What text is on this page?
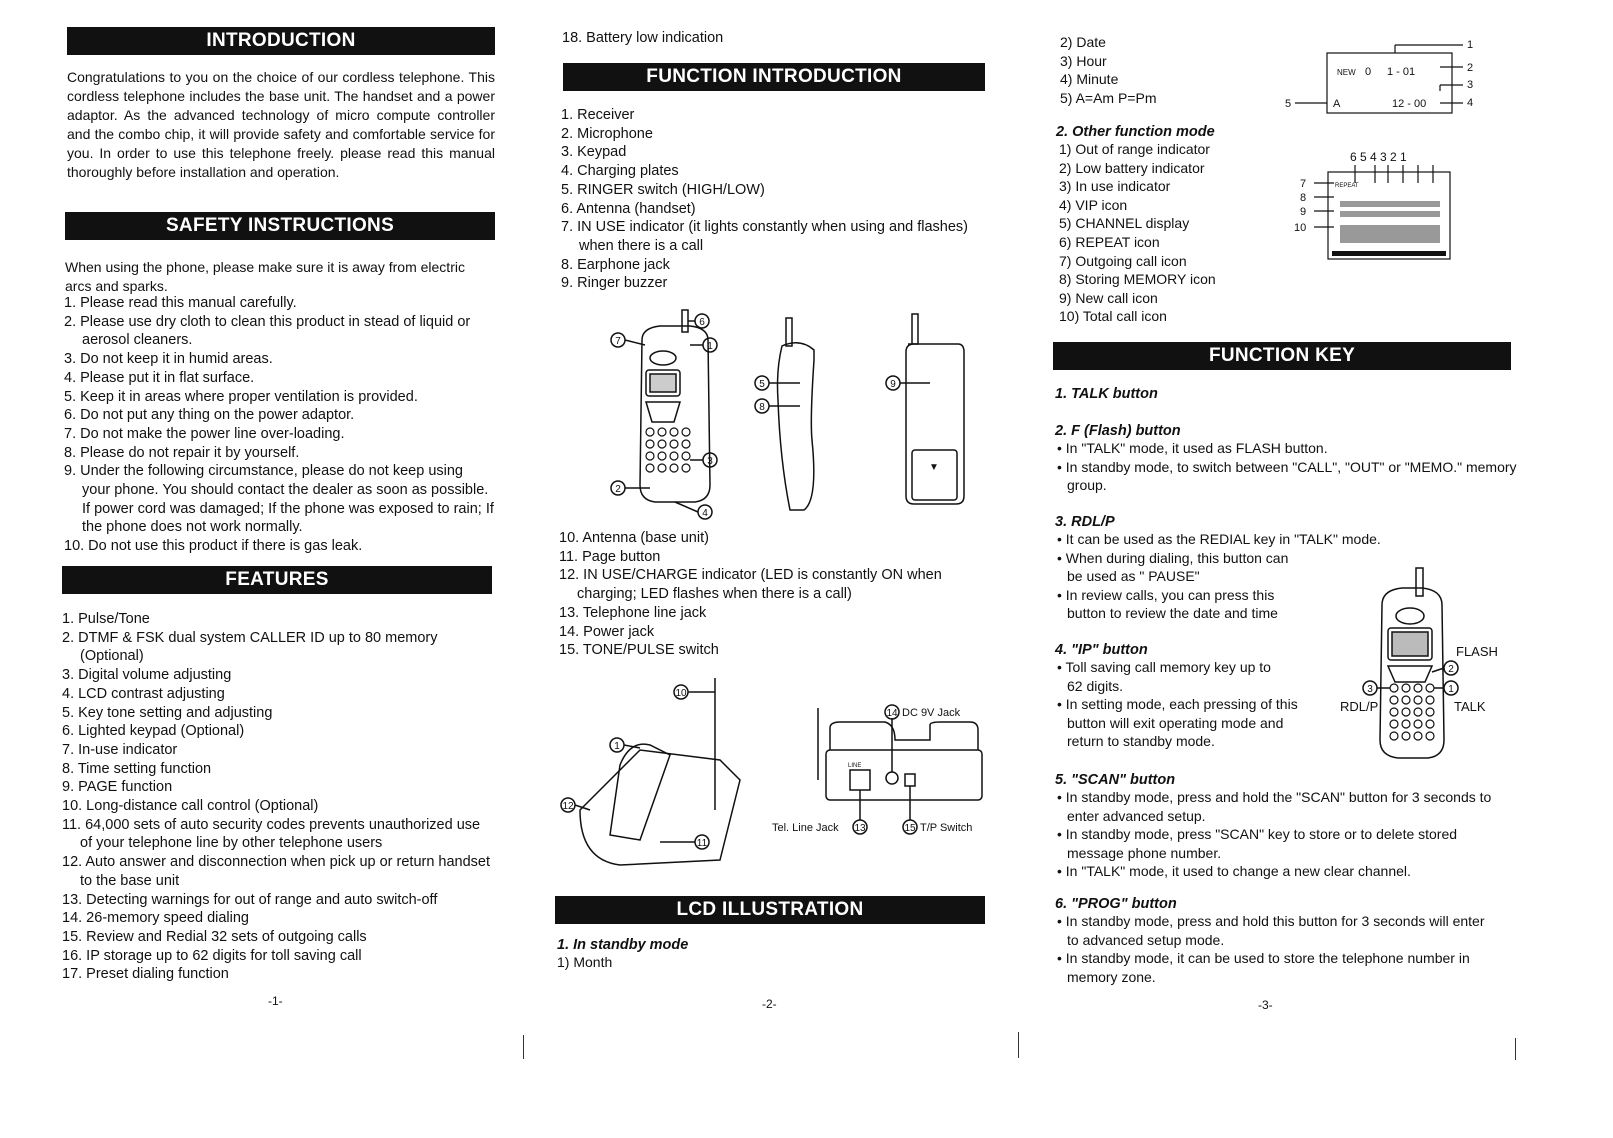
INTRODUCTION

Congratulations to you on the choice of our cordless telephone. This cordless telephone includes the base unit. The handset and a power adaptor. As the advanced technology of micro compute controller and the combo chip, it will provide safety and comfortable service for you. In order to use this telephone freely. please read this manual thoroughly before installation and operation.

SAFETY INSTRUCTIONS

When using the phone, please make sure it is away from electric arcs and sparks.

1. Please read this manual carefully.
2. Please use dry cloth to clean this product in stead of liquid or aerosol cleaners.
3. Do not keep it in humid areas.
4. Please put it in flat surface.
5. Keep it in areas where proper ventilation is provided.
6. Do not put any thing on the power adaptor.
7. Do not make the power line over-loading.
8. Please do not repair it by yourself.
9. Under the following circumstance, please do not keep using your phone. You should contact the dealer as soon as possible. If power cord was damaged; If the phone was exposed to rain; If the phone does not work normally.
10. Do not use this product if there is gas leak.
FEATURES
1. Pulse/Tone
2. DTMF & FSK dual system CALLER ID up to 80 memory (Optional)
3. Digital volume adjusting
4. LCD contrast adjusting
5. Key tone setting and adjusting
6. Lighted keypad (Optional)
7. In-use indicator
8. Time setting function
9. PAGE function
10. Long-distance call control (Optional)
11. 64,000 sets of auto security codes prevents unauthorized use of your telephone line by other telephone users
12. Auto answer and disconnection when pick up or return handset to the base unit
13. Detecting warnings for out of range and auto switch-off
14. 26-memory speed dialing
15. Review and Redial 32 sets of outgoing calls
16. IP storage up to 62 digits for toll saving call
17. Preset dialing function
-1-
18. Battery low indication
FUNCTION INTRODUCTION
1. Receiver
2. Microphone
3. Keypad
4. Charging plates
5. RINGER switch (HIGH/LOW)
6. Antenna (handset)
7. IN USE indicator (it lights constantly when using and flashes) when there is a call
8. Earphone jack
9. Ringer buzzer
6
7	1
3
2
4
5
8
9
▼
10. Antenna (base unit)
11. Page button
12. IN USE/CHARGE indicator (LED is constantly ON when charging; LED flashes when there is a call)
13. Telephone line jack
14. Power jack
15. TONE/PULSE switch
10
1
12
11
14
13	15
DC 9V Jack
LINE
Tel. Line Jack	T/P Switch
LCD ILLUSTRATION

1. In standby mode

1) Month
-2-
2) Date
3) Hour
4) Minute
5) A=Am P=Pm
1
2
3
4
5
NEW 0 1 - 01
A	12 - 00

2. Other function mode

1) Out of range indicator
2) Low battery indicator
3) In use indicator
4) VIP icon
5) CHANNEL display
6) REPEAT icon
7) Outgoing call icon
8) Storing MEMORY icon
9) New call icon
10) Total call icon
6 5 4 3 2 1
REPEAT
7
8
9
10
FUNCTION KEY

1. TALK button

2. F (Flash) button

• In "TALK" mode, it used as FLASH button.
• In standby mode, to switch between "CALL", "OUT" or "MEMO." memory group.

3. RDL/P

• It can be used as the REDIAL key in "TALK" mode.
• When during dialing, this button can be used as " PAUSE"
• In review calls, you can press this button to review the date and time

4. "IP" button

• Toll saving call memory key up to 62 digits.
• In setting mode, each pressing of this button will exit operating mode and return to standby mode.
2
1
3
FLASH
RDL/P	TALK

5. "SCAN" button

• In standby mode, press and hold the "SCAN" button for 3 seconds to enter advanced setup.
• In standby mode, press "SCAN" key to store or to delete stored message phone number.
• In "TALK" mode, it used to change a new clear channel.

6. "PROG" button

• In standby mode, press and hold this button for 3 seconds will enter to advanced setup mode.
• In standby mode, it can be used to store the telephone number in memory zone.
-3-
